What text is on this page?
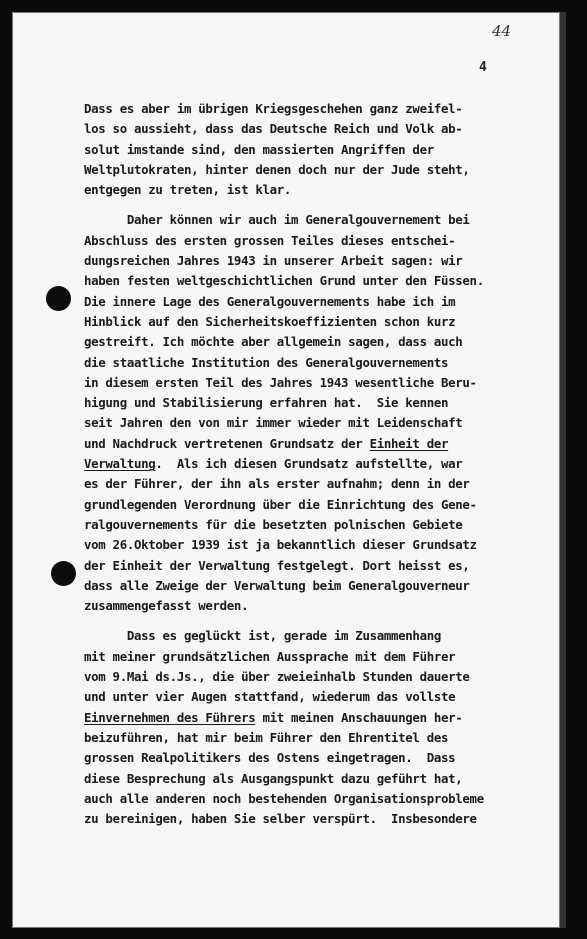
44
4
Dass es aber im übrigen Kriegsgeschehen ganz zweifel-
los so aussieht, dass das Deutsche Reich und Volk ab-
solut imstande sind, den massierten Angriffen der
Weltplutokraten, hinter denen doch nur der Jude steht,
entgegen zu treten, ist klar.
Daher können wir auch im Generalgouvernement bei
Abschluss des ersten grossen Teiles dieses entschei-
dungsreichen Jahres 1943 in unserer Arbeit sagen: wir
haben festen weltgeschichtlichen Grund unter den Füssen.
Die innere Lage des Generalgouvernements habe ich im
Hinblick auf den Sicherheitskoeffizienten schon kurz
gestreift. Ich möchte aber allgemein sagen, dass auch
die staatliche Institution des Generalgouvernements
in diesem ersten Teil des Jahres 1943 wesentliche Beru-
higung und Stabilisierung erfahren hat.  Sie kennen
seit Jahren den von mir immer wieder mit Leidenschaft
und Nachdruck vertretenen Grundsatz der Einheit der
Verwaltung.  Als ich diesen Grundsatz aufstellte, war
es der Führer, der ihn als erster aufnahm; denn in der
grundlegenden Verordnung über die Einrichtung des Gene-
ralgouvernements für die besetzten polnischen Gebiete
vom 26.Oktober 1939 ist ja bekanntlich dieser Grundsatz
der Einheit der Verwaltung festgelegt. Dort heisst es,
dass alle Zweige der Verwaltung beim Generalgouverneur
zusammengefasst werden.
Dass es geglückt ist, gerade im Zusammenhang
mit meiner grundsätzlichen Aussprache mit dem Führer
vom 9.Mai ds.Js., die über zweieinhalb Stunden dauerte
und unter vier Augen stattfand, wiederum das vollste
Einvernehmen des Führers mit meinen Anschauungen her-
beizuführen, hat mir beim Führer den Ehrentitel des
grossen Realpolitikers des Ostens eingetragen.  Dass
diese Besprechung als Ausgangspunkt dazu geführt hat,
auch alle anderen noch bestehenden Organisationsprobleme
zu bereinigen, haben Sie selber verspürt.  Insbesondere
